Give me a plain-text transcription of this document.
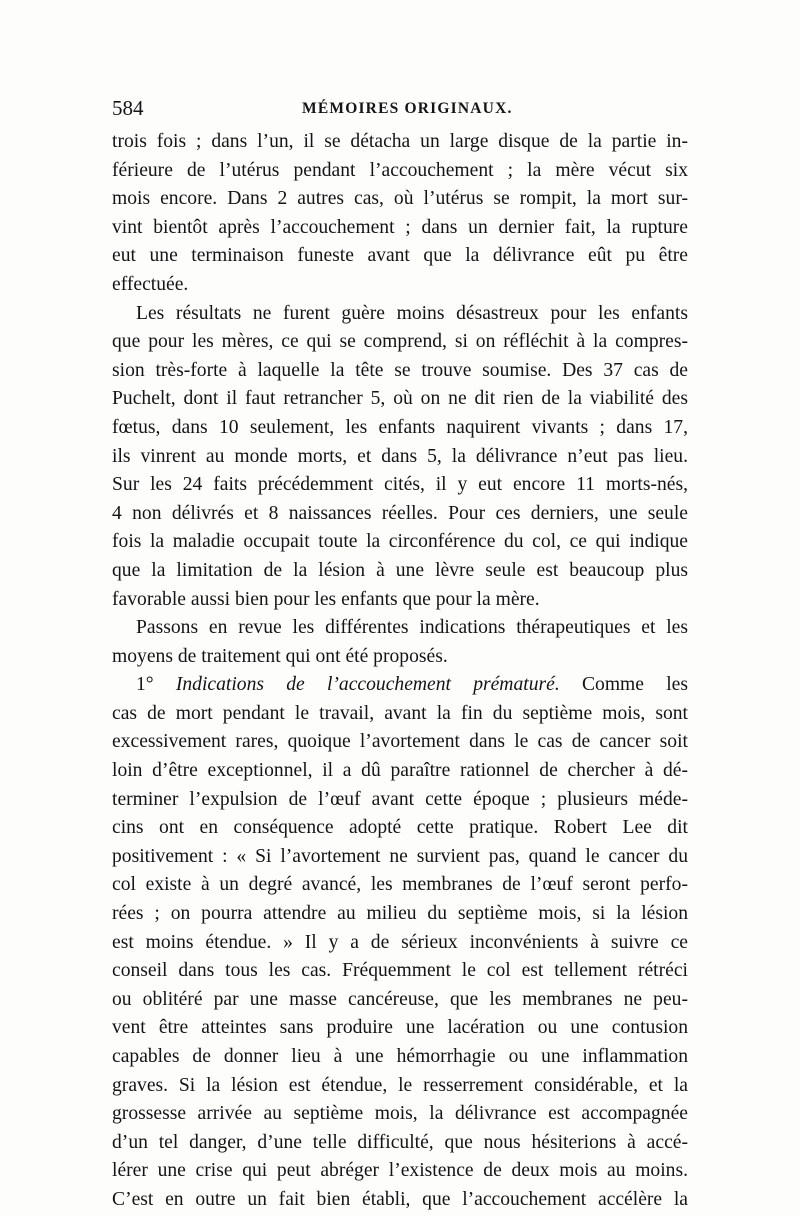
584	MÉMOIRES ORIGINAUX.
trois fois ; dans l’un, il se détacha un large disque de la partie in-
férieure de l’utérus pendant l’accouchement ; la mère vécut six
mois encore. Dans 2 autres cas, où l’utérus se rompit, la mort sur-
vint bientôt après l’accouchement ; dans un dernier fait, la rupture
eut une terminaison funeste avant que la délivrance eût pu être
effectuée.
Les résultats ne furent guère moins désastreux pour les enfants
que pour les mères, ce qui se comprend, si on réfléchit à la compres-
sion très-forte à laquelle la tête se trouve soumise. Des 37 cas de
Puchelt, dont il faut retrancher 5, où on ne dit rien de la viabilité des
fœtus, dans 10 seulement, les enfants naquirent vivants ; dans 17,
ils vinrent au monde morts, et dans 5, la délivrance n’eut pas lieu.
Sur les 24 faits précédemment cités, il y eut encore 11 morts-nés,
4 non délivrés et 8 naissances réelles. Pour ces derniers, une seule
fois la maladie occupait toute la circonférence du col, ce qui indique
que la limitation de la lésion à une lèvre seule est beaucoup plus
favorable aussi bien pour les enfants que pour la mère.
Passons en revue les différentes indications thérapeutiques et les
moyens de traitement qui ont été proposés.
1° Indications de l’accouchement prématuré. Comme les
cas de mort pendant le travail, avant la fin du septième mois, sont
excessivement rares, quoique l’avortement dans le cas de cancer soit
loin d’être exceptionnel, il a dû paraître rationnel de chercher à dé-
terminer l’expulsion de l’œuf avant cette époque ; plusieurs méde-
cins ont en conséquence adopté cette pratique. Robert Lee dit
positivement : « Si l’avortement ne survient pas, quand le cancer du
col existe à un degré avancé, les membranes de l’œuf seront perfo-
rées ; on pourra attendre au milieu du septième mois, si la lésion
est moins étendue. » Il y a de sérieux inconvénients à suivre ce
conseil dans tous les cas. Fréquemment le col est tellement rétréci
ou oblitéré par une masse cancéreuse, que les membranes ne peu-
vent être atteintes sans produire une lacération ou une contusion
capables de donner lieu à une hémorrhagie ou une inflammation
graves. Si la lésion est étendue, le resserrement considérable, et la
grossesse arrivée au septième mois, la délivrance est accompagnée
d’un tel danger, d’une telle difficulté, que nous hésiterions à accé-
lérer une crise qui peut abréger l’existence de deux mois au moins.
C’est en outre un fait bien établi, que l’accouchement accélère la
